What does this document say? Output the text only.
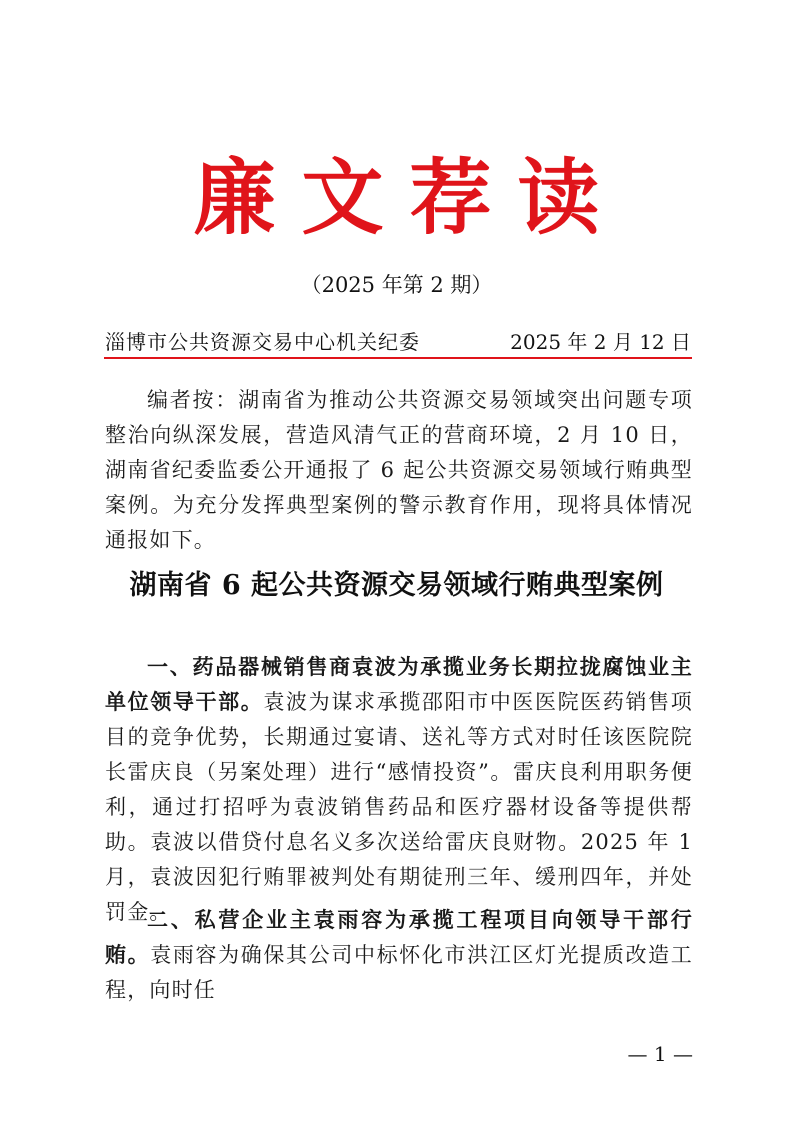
廉文荐读
（2025 年第 2 期）
淄博市公共资源交易中心机关纪委	2025 年 2 月 12 日

编者按：湖南省为推动公共资源交易领域突出问题专项整治向纵深发展，营造风清气正的营商环境，2 月 10 日，湖南省纪委监委公开通报了 6 起公共资源交易领域行贿典型案例。为充分发挥典型案例的警示教育作用，现将具体情况通报如下。

湖南省 6 起公共资源交易领域行贿典型案例

一、药品器械销售商袁波为承揽业务长期拉拢腐蚀业主单位领导干部。袁波为谋求承揽邵阳市中医医院医药销售项目的竞争优势，长期通过宴请、送礼等方式对时任该医院院长雷庆良（另案处理）进行“感情投资”。雷庆良利用职务便利，通过打招呼为袁波销售药品和医疗器材设备等提供帮助。袁波以借贷付息名义多次送给雷庆良财物。2025 年 1 月，袁波因犯行贿罪被判处有期徒刑三年、缓刑四年，并处罚金。

二、私营企业主袁雨容为承揽工程项目向领导干部行贿。袁雨容为确保其公司中标怀化市洪江区灯光提质改造工程，向时任

— 1 —
